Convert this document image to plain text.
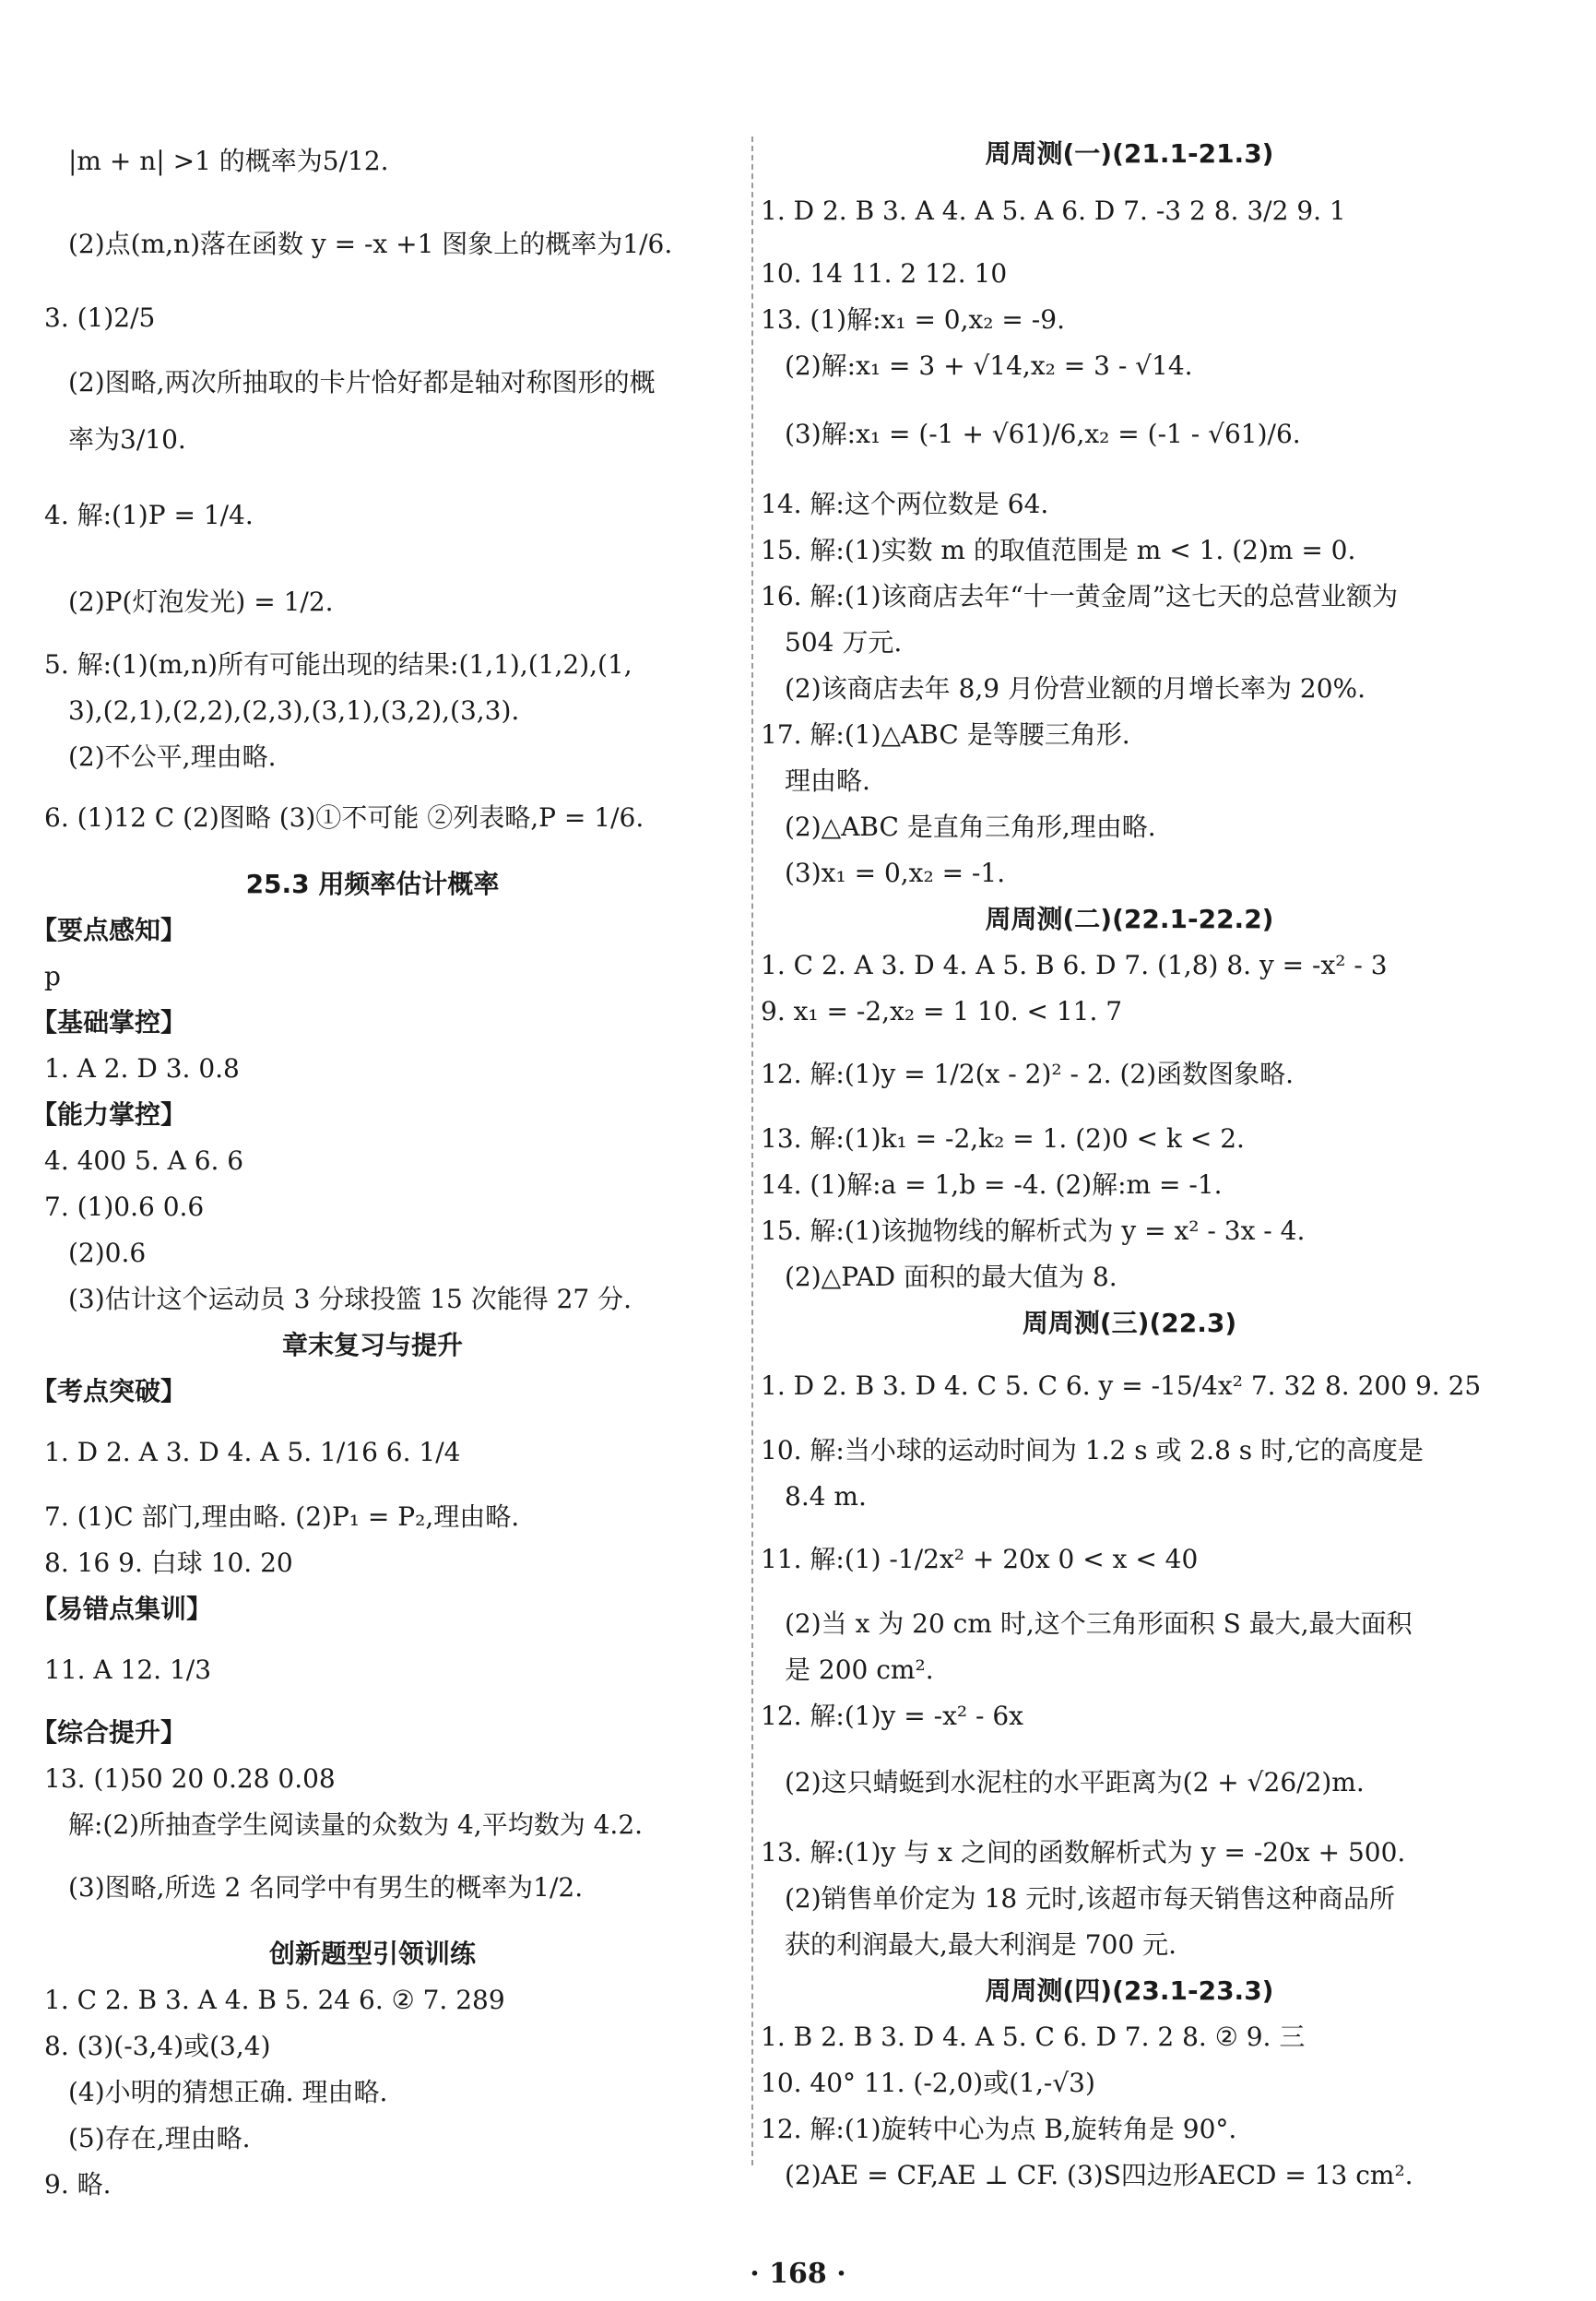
|m + n| >1 的概率为5/12.
(2)点(m,n)落在函数 y = -x +1 图象上的概率为1/6.
3. (1)2/5
(2)图略,两次所抽取的卡片恰好都是轴对称图形的概
率为3/10.
4. 解:(1)P = 1/4.
(2)P(灯泡发光) = 1/2.
5. 解:(1)(m,n)所有可能出现的结果:(1,1),(1,2),(1,
3),(2,1),(2,2),(2,3),(3,1),(3,2),(3,3).
(2)不公平,理由略.
6. (1)12 C (2)图略 (3)①不可能 ②列表略,P = 1/6.
25.3 用频率估计概率
【要点感知】
p
【基础掌控】
1. A 2. D 3. 0.8
【能力掌控】
4. 400 5. A 6. 6
7. (1)0.6 0.6
(2)0.6
(3)估计这个运动员 3 分球投篮 15 次能得 27 分.
章末复习与提升
【考点突破】
1. D 2. A 3. D 4. A 5. 1/16 6. 1/4
7. (1)C 部门,理由略. (2)P₁ = P₂,理由略.
8. 16 9. 白球 10. 20
【易错点集训】
11. A 12. 1/3
【综合提升】
13. (1)50 20 0.28 0.08
解:(2)所抽查学生阅读量的众数为 4,平均数为 4.2.
(3)图略,所选 2 名同学中有男生的概率为1/2.
创新题型引领训练
1. C 2. B 3. A 4. B 5. 24 6. ② 7. 289
8. (3)(-3,4)或(3,4)
(4)小明的猜想正确. 理由略.
(5)存在,理由略.
9. 略.
周周测(一)(21.1-21.3)
1. D 2. B 3. A 4. A 5. A 6. D 7. -3 2 8. 3/2 9. 1
10. 14 11. 2 12. 10
13. (1)解:x₁ = 0,x₂ = -9.
(2)解:x₁ = 3 + √14,x₂ = 3 - √14.
(3)解:x₁ = (-1 + √61)/6,x₂ = (-1 - √61)/6.
14. 解:这个两位数是 64.
15. 解:(1)实数 m 的取值范围是 m < 1. (2)m = 0.
16. 解:(1)该商店去年“十一黄金周”这七天的总营业额为
504 万元.
(2)该商店去年 8,9 月份营业额的月增长率为 20%.
17. 解:(1)△ABC 是等腰三角形.
理由略.
(2)△ABC 是直角三角形,理由略.
(3)x₁ = 0,x₂ = -1.
周周测(二)(22.1-22.2)
1. C 2. A 3. D 4. A 5. B 6. D 7. (1,8) 8. y = -x² - 3
9. x₁ = -2,x₂ = 1 10. < 11. 7
12. 解:(1)y = 1/2(x - 2)² - 2. (2)函数图象略.
13. 解:(1)k₁ = -2,k₂ = 1. (2)0 < k < 2.
14. (1)解:a = 1,b = -4. (2)解:m = -1.
15. 解:(1)该抛物线的解析式为 y = x² - 3x - 4.
(2)△PAD 面积的最大值为 8.
周周测(三)(22.3)
1. D 2. B 3. D 4. C 5. C 6. y = -15/4x² 7. 32 8. 200 9. 25
10. 解:当小球的运动时间为 1.2 s 或 2.8 s 时,它的高度是
8.4 m.
11. 解:(1) -1/2x² + 20x 0 < x < 40
(2)当 x 为 20 cm 时,这个三角形面积 S 最大,最大面积
是 200 cm².
12. 解:(1)y = -x² - 6x
(2)这只蜻蜓到水泥柱的水平距离为(2 + √26/2)m.
13. 解:(1)y 与 x 之间的函数解析式为 y = -20x + 500.
(2)销售单价定为 18 元时,该超市每天销售这种商品所
获的利润最大,最大利润是 700 元.
周周测(四)(23.1-23.3)
1. B 2. B 3. D 4. A 5. C 6. D 7. 2 8. ② 9. 三
10. 40° 11. (-2,0)或(1,-√3)
12. 解:(1)旋转中心为点 B,旋转角是 90°.
(2)AE = CF,AE ⊥ CF. (3)S四边形AECD = 13 cm².
· 168 ·
